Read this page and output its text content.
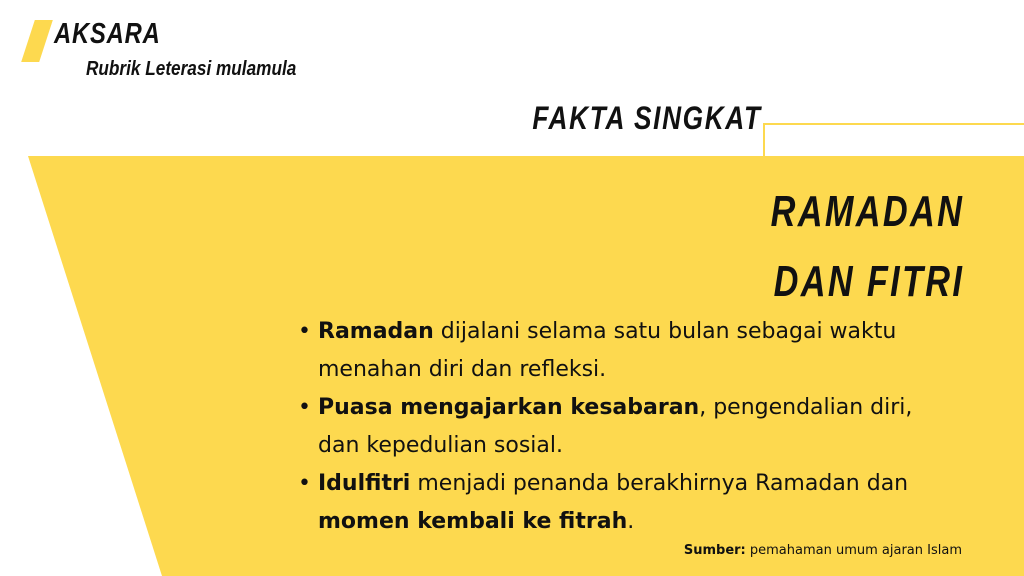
AKSARA

Rubrik Leterasi mulamula

FAKTA SINGKAT
RAMADAN
DAN FITRI
• Ramadan dijalani selama satu bulan sebagai waktu menahan diri dan refleksi.
• Puasa mengajarkan kesabaran, pengendalian diri, dan kepedulian sosial.
• Idulfitri menjadi penanda berakhirnya Ramadan dan momen kembali ke fitrah.

Sumber: pemahaman umum ajaran Islam
